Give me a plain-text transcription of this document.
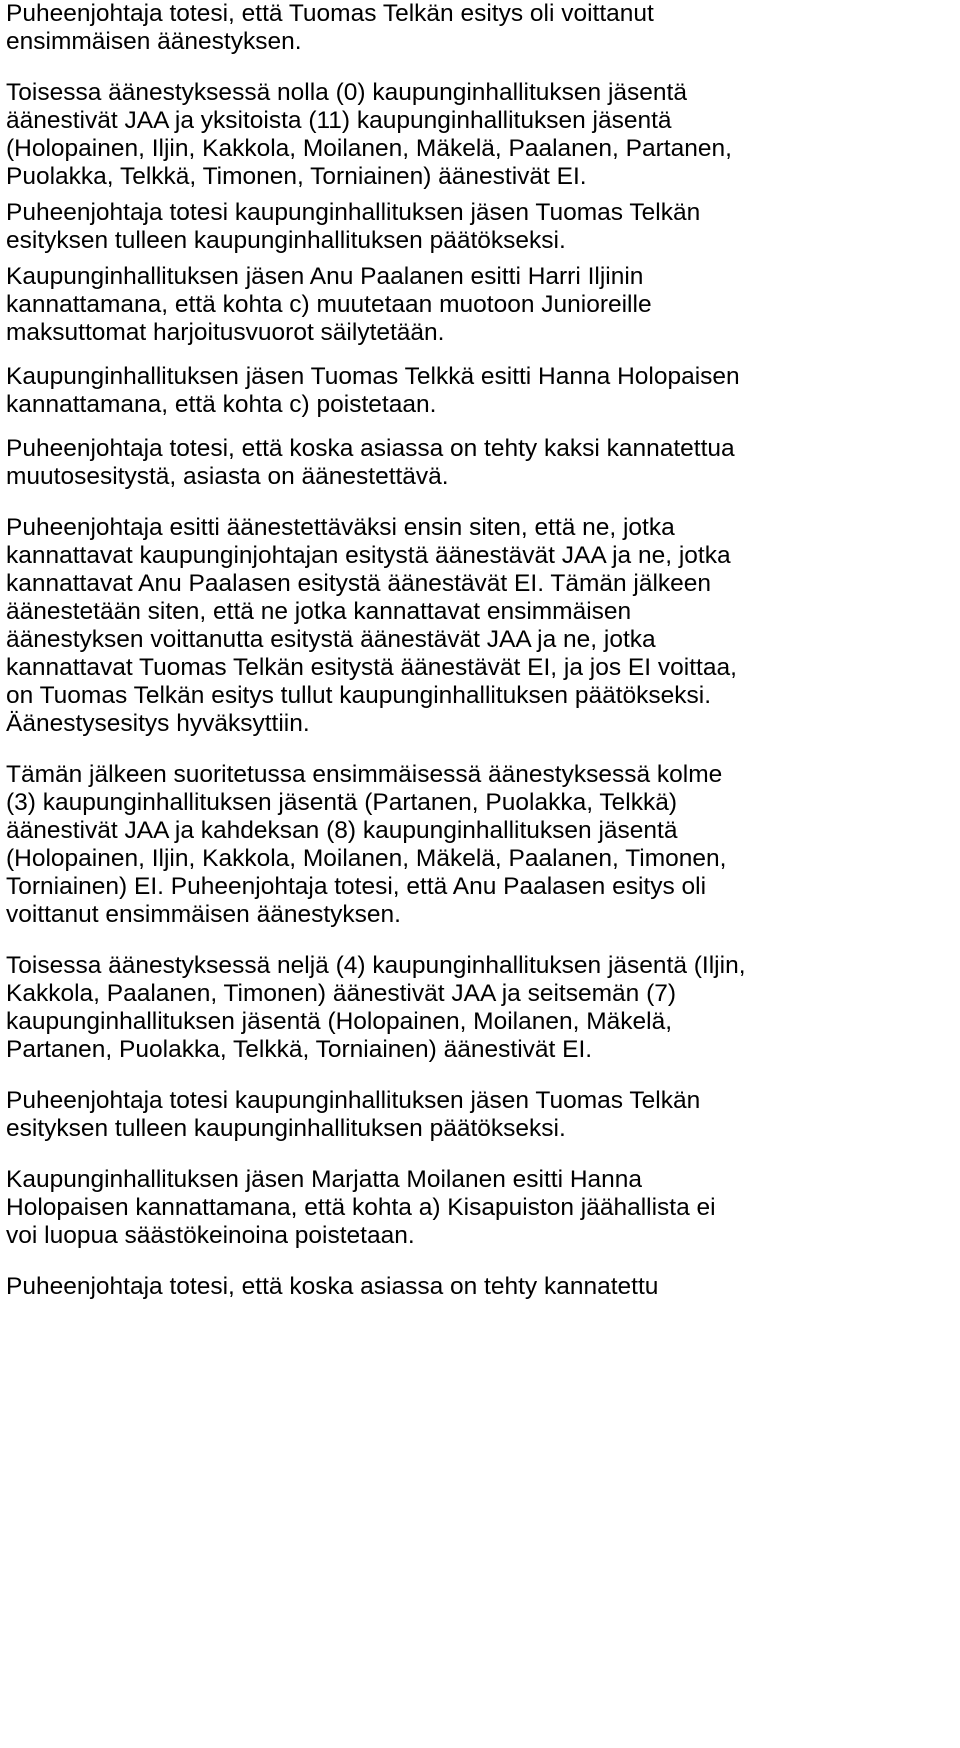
Puheenjohtaja totesi, että Tuomas Telkän esitys oli voittanut
ensimmäisen äänestyksen.

Toisessa äänestyksessä nolla (0) kaupunginhallituksen jäsentä
äänestivät JAA ja yksitoista (11) kaupunginhallituksen jäsentä
(Holopainen, Iljin, Kakkola, Moilanen, Mäkelä, Paalanen, Partanen,
Puolakka, Telkkä, Timonen, Torniainen) äänestivät EI.

Puheenjohtaja totesi kaupunginhallituksen jäsen Tuomas Telkän
esityksen tulleen kaupunginhallituksen päätökseksi.

Kaupunginhallituksen jäsen Anu Paalanen esitti Harri Iljinin
kannattamana, että kohta c) muutetaan muotoon Junioreille
maksuttomat harjoitusvuorot säilytetään.

Kaupunginhallituksen jäsen Tuomas Telkkä esitti Hanna Holopaisen
kannattamana, että kohta c) poistetaan.

Puheenjohtaja totesi, että koska asiassa on tehty kaksi kannatettua
muutosesitystä, asiasta on äänestettävä.

Puheenjohtaja esitti äänestettäväksi ensin siten, että ne, jotka
kannattavat kaupunginjohtajan esitystä äänestävät JAA ja ne, jotka
kannattavat Anu Paalasen esitystä äänestävät EI. Tämän jälkeen
äänestetään siten, että ne jotka kannattavat ensimmäisen
äänestyksen voittanutta esitystä äänestävät JAA ja ne, jotka
kannattavat Tuomas Telkän esitystä äänestävät EI, ja jos EI voittaa,
on Tuomas Telkän esitys tullut kaupunginhallituksen päätökseksi.
Äänestysesitys hyväksyttiin.

Tämän jälkeen suoritetussa ensimmäisessä äänestyksessä kolme
(3) kaupunginhallituksen jäsentä (Partanen, Puolakka, Telkkä)
äänestivät JAA ja kahdeksan (8) kaupunginhallituksen jäsentä
(Holopainen, Iljin, Kakkola, Moilanen, Mäkelä, Paalanen, Timonen,
Torniainen) EI. Puheenjohtaja totesi, että Anu Paalasen esitys oli
voittanut ensimmäisen äänestyksen.

Toisessa äänestyksessä neljä (4) kaupunginhallituksen jäsentä (Iljin,
Kakkola, Paalanen, Timonen) äänestivät JAA ja seitsemän (7)
kaupunginhallituksen jäsentä (Holopainen, Moilanen, Mäkelä,
Partanen, Puolakka, Telkkä, Torniainen) äänestivät EI.

Puheenjohtaja totesi kaupunginhallituksen jäsen Tuomas Telkän
esityksen tulleen kaupunginhallituksen päätökseksi.

Kaupunginhallituksen jäsen Marjatta Moilanen esitti Hanna
Holopaisen kannattamana, että kohta a) Kisapuiston jäähallista ei
voi luopua säästökeinoina poistetaan.

Puheenjohtaja totesi, että koska asiassa on tehty kannatettu
